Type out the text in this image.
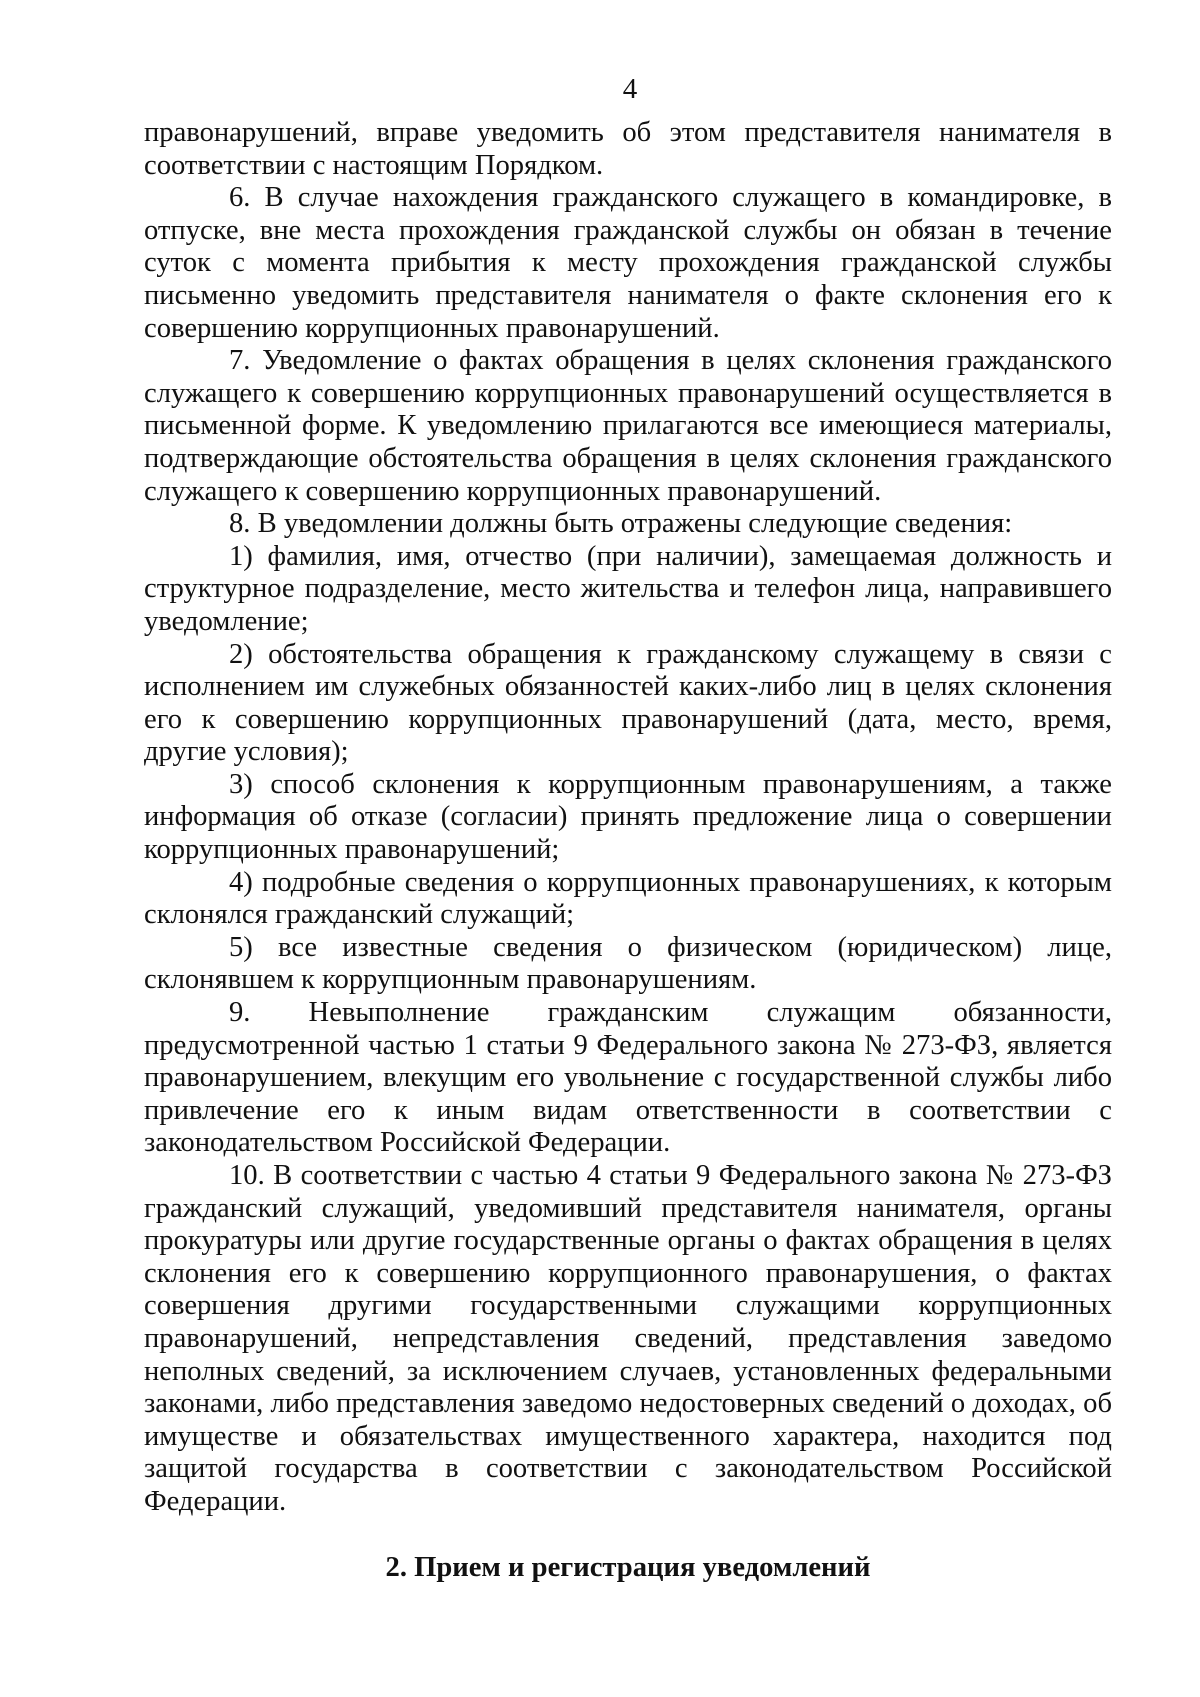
4

правонарушений, вправе уведомить об этом представителя нанимателя в соответствии с настоящим Порядком.

6. В случае нахождения гражданского служащего в командировке, в отпуске, вне места прохождения гражданской службы он обязан в течение суток с момента прибытия к месту прохождения гражданской службы письменно уведомить представителя нанимателя о факте склонения его к совершению коррупционных правонарушений.

7. Уведомление о фактах обращения в целях склонения гражданского служащего к совершению коррупционных правонарушений осуществляется в письменной форме. К уведомлению прилагаются все имеющиеся материалы, подтверждающие обстоятельства обращения в целях склонения гражданского служащего к совершению коррупционных правонарушений.

8. В уведомлении должны быть отражены следующие сведения:

1) фамилия, имя, отчество (при наличии), замещаемая должность и структурное подразделение, место жительства и телефон лица, направившего уведомление;

2) обстоятельства обращения к гражданскому служащему в связи с исполнением им служебных обязанностей каких-либо лиц в целях склонения его к совершению коррупционных правонарушений (дата, место, время, другие условия);

3) способ склонения к коррупционным правонарушениям, а также информация об отказе (согласии) принять предложение лица о совершении коррупционных правонарушений;

4) подробные сведения о коррупционных правонарушениях, к которым склонялся гражданский служащий;

5) все известные сведения о физическом (юридическом) лице, склонявшем к коррупционным правонарушениям.

9. Невыполнение гражданским служащим обязанности, предусмотренной частью 1 статьи 9 Федерального закона № 273-ФЗ, является правонарушением, влекущим его увольнение с государственной службы либо привлечение его к иным видам ответственности в соответствии с законодательством Российской Федерации.

10. В соответствии с частью 4 статьи 9 Федерального закона № 273-ФЗ гражданский служащий, уведомивший представителя нанимателя, органы прокуратуры или другие государственные органы о фактах обращения в целях склонения его к совершению коррупционного правонарушения, о фактах совершения другими государственными служащими коррупционных правонарушений, непредставления сведений, представления заведомо неполных сведений, за исключением случаев, установленных федеральными законами, либо представления заведомо недостоверных сведений о доходах, об имуществе и обязательствах имущественного характера, находится под защитой государства в соответствии с законодательством Российской Федерации.

2. Прием и регистрация уведомлений
